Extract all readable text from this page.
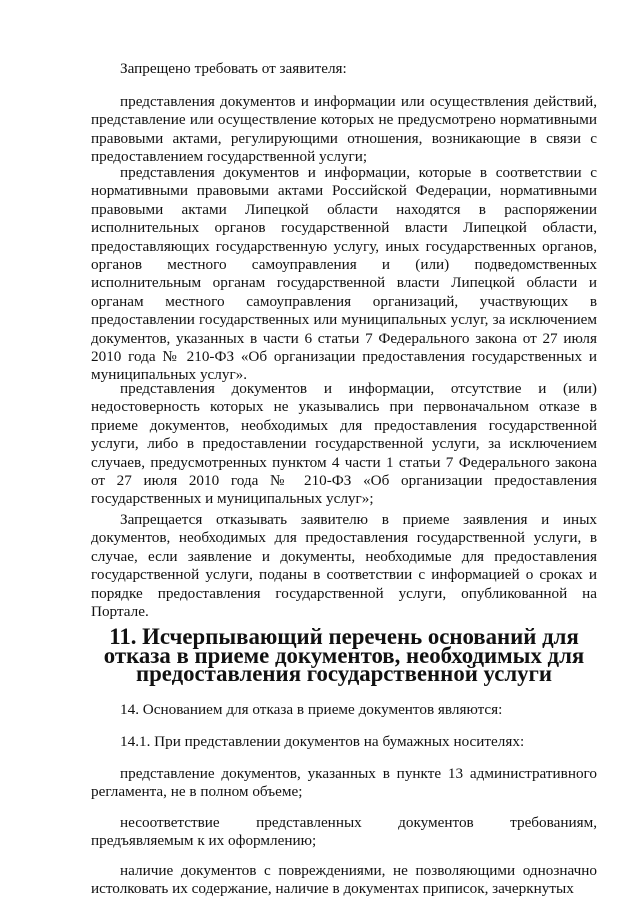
Запрещено требовать от заявителя:

представления документов и информации или осуществления действий, представление или осуществление которых не предусмотрено нормативными правовыми актами, регулирующими отношения, возникающие в связи с предоставлением государственной услуги;

представления документов и информации, которые в соответствии с нормативными правовыми актами Российской Федерации, нормативными правовыми актами Липецкой области находятся в распоряжении исполнительных органов государственной власти Липецкой области, предоставляющих государственную услугу, иных государственных органов, органов местного самоуправления и (или) подведомственных исполнительным органам государственной власти Липецкой области и органам местного самоуправления организаций, участвующих в предоставлении государственных или муниципальных услуг, за исключением документов, указанных в части 6 статьи 7 Федерального закона от 27 июля 2010 года № 210-ФЗ «Об организации предоставления государственных и муниципальных услуг».

представления документов и информации, отсутствие и (или) недостоверность которых не указывались при первоначальном отказе в приеме документов, необходимых для предоставления государственной услуги, либо в предоставлении государственной услуги, за исключением случаев, предусмотренных пунктом 4 части 1 статьи 7 Федерального закона от 27 июля 2010 года № 210-ФЗ «Об организации предоставления государственных и муниципальных услуг»;

Запрещается отказывать заявителю в приеме заявления и иных документов, необходимых для предоставления государственной услуги, в случае, если заявление и документы, необходимые для предоставления государственной услуги, поданы в соответствии с информацией о сроках и порядке предоставления государственной услуги, опубликованной на Портале.

11. Исчерпывающий перечень оснований для отказа в приеме документов, необходимых для предоставления государственной услуги

14. Основанием для отказа в приеме документов являются:

14.1. При представлении документов на бумажных носителях:

представление документов, указанных в пункте 13 административного регламента, не в полном объеме;

несоответствие представленных документов требованиям, предъявляемым к их оформлению;

наличие документов с повреждениями, не позволяющими однозначно истолковать их содержание, наличие в документах приписок, зачеркнутых
